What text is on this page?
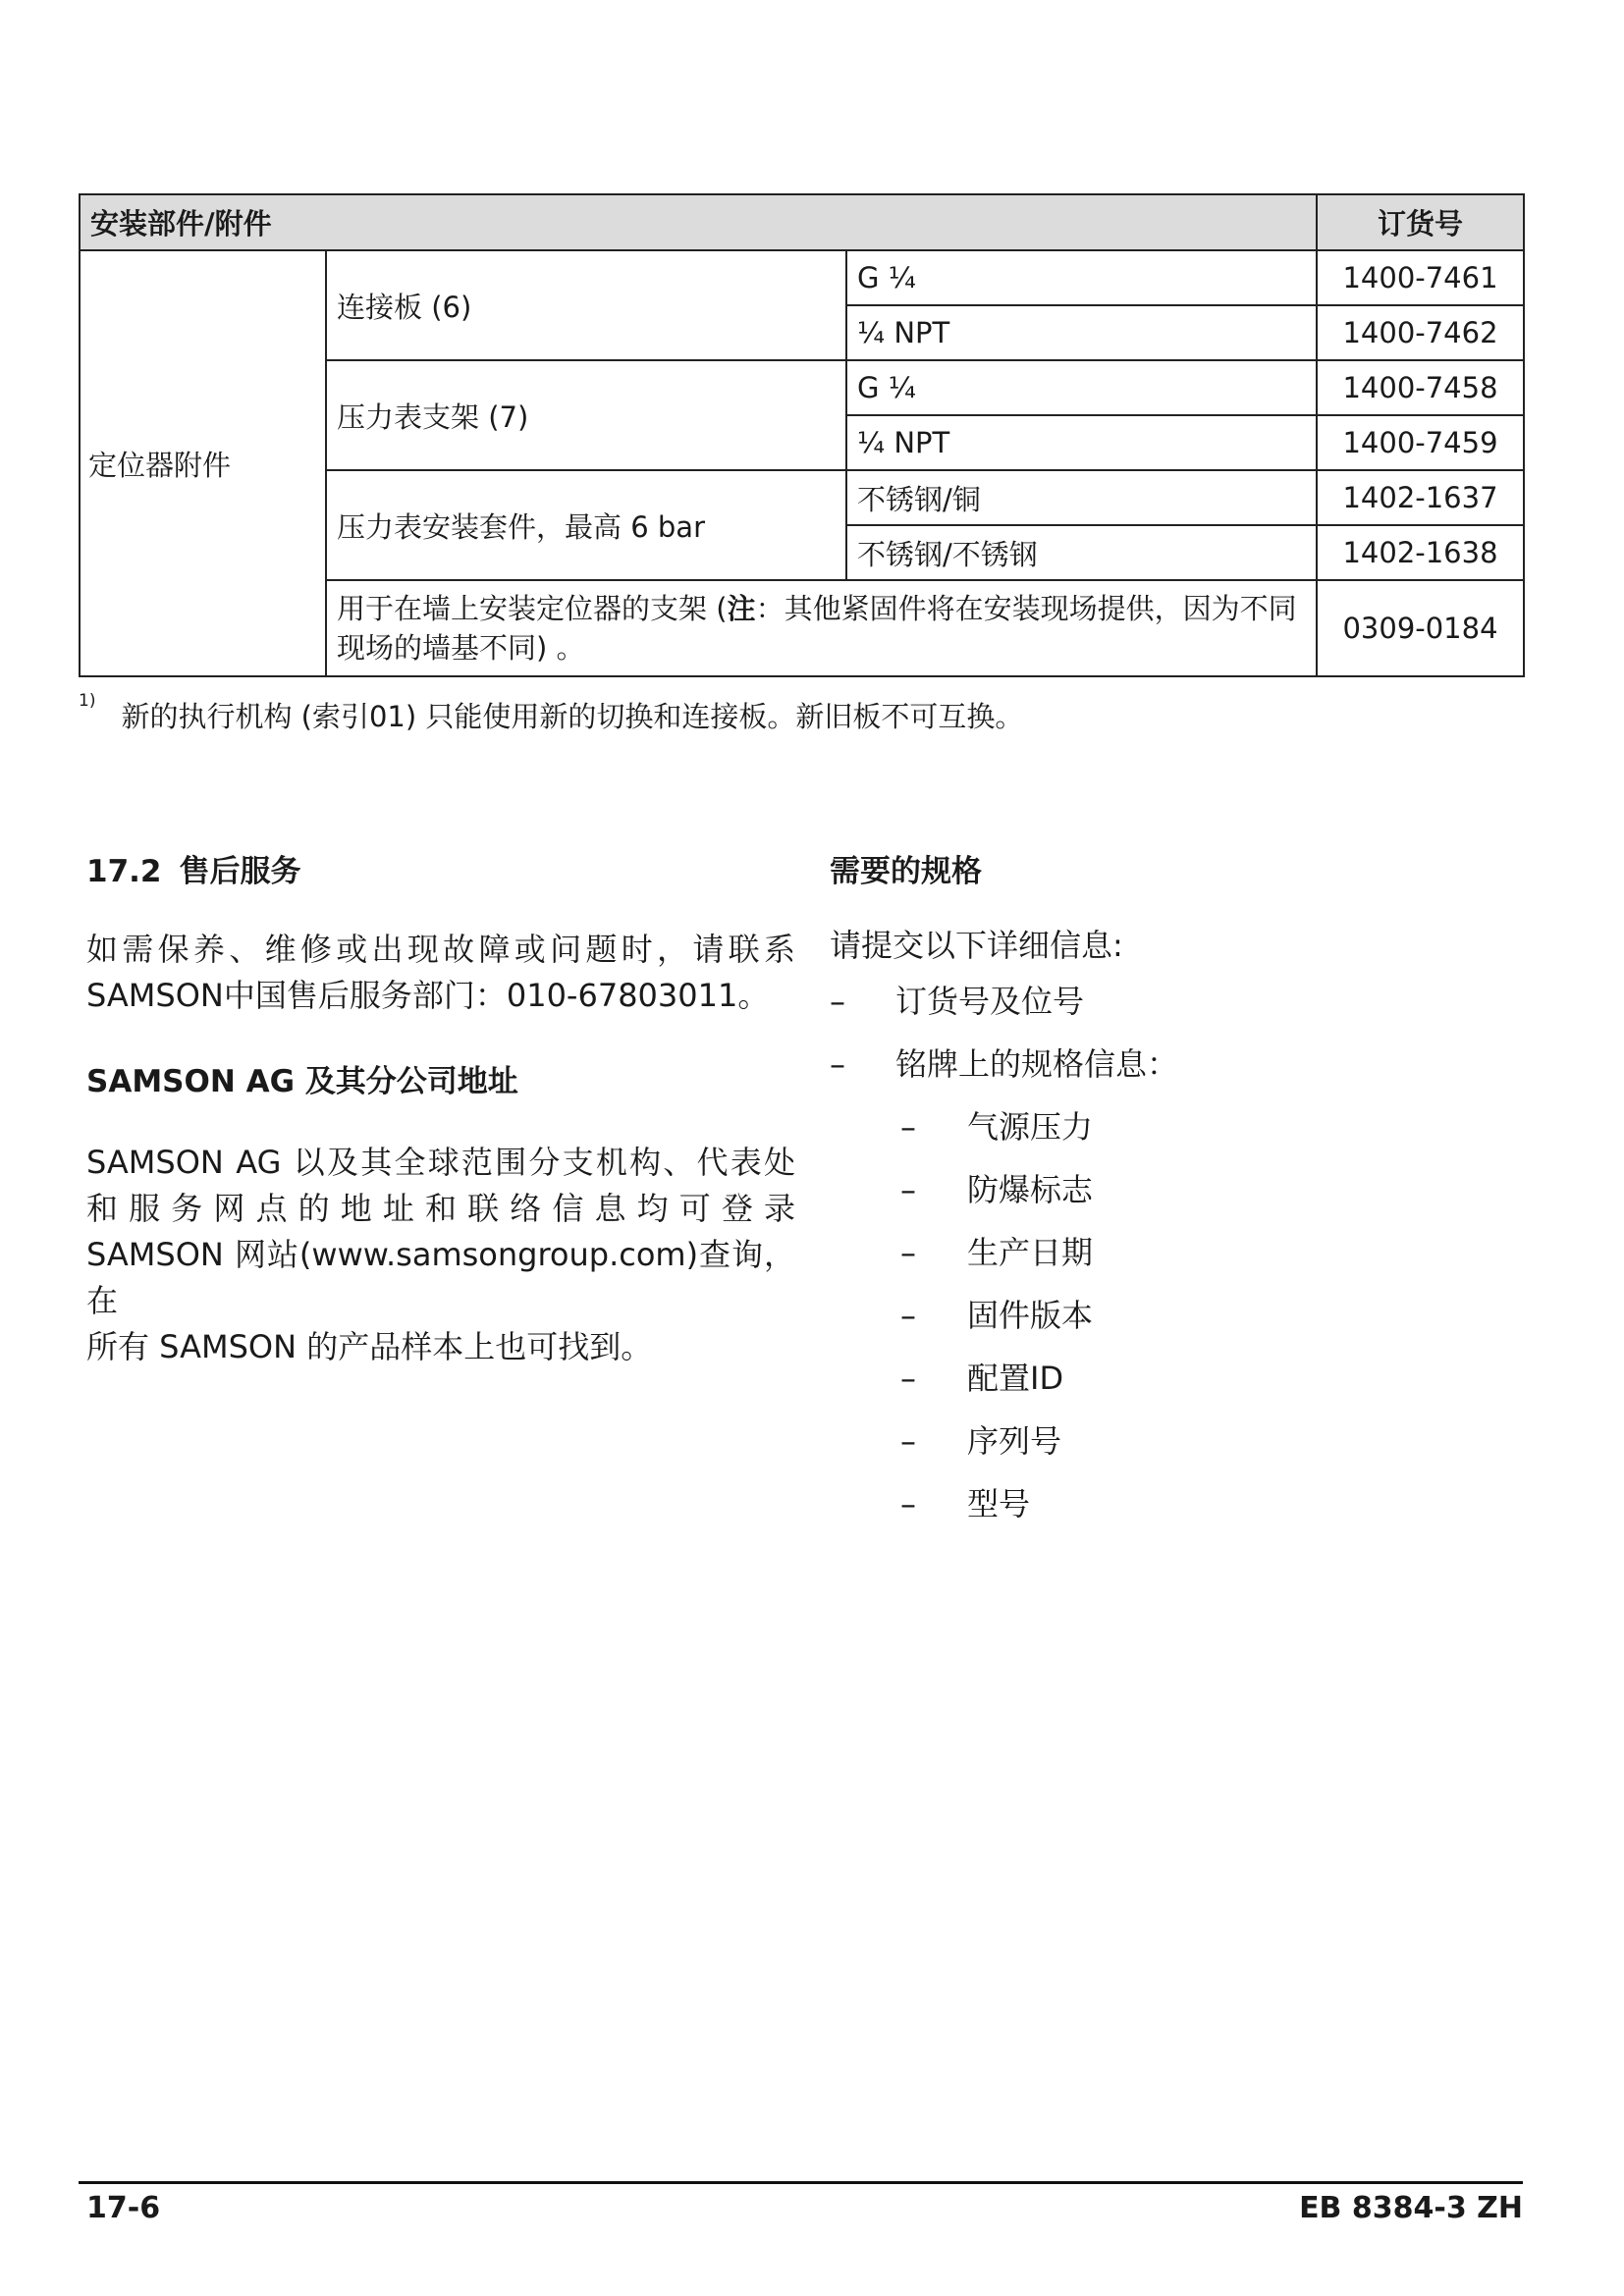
安装部件/附件			订货号
定位器附件	连接板 (6)	G ¼	1400-7461
		¼ NPT	1400-7462
	压力表支架 (7)	G ¼	1400-7458
		¼ NPT	1400-7459
	压力表安装套件，最高 6 bar	不锈钢/铜	1402-1637
		不锈钢/不锈钢	1402-1638
	用于在墙上安装定位器的支架 (注：其他紧固件将在安装现场提供，因为不同
现场的墙基不同) 。		0309-0184
$^{1)}$ 新的执行机构 (索引01) 只能使用新的切换和连接板。新旧板不可互换。
17.2 售后服务

如需保养、维修或出现故障或问题时，请联系
SAMSON中国售后服务部门：010-67803011。

SAMSON AG 及其分公司地址

SAMSON AG 以及其全球范围分支机构、代表处
和服务网点的地址和联络信息均可登录
SAMSON 网站(www.samsongroup.com)查询，在
所有 SAMSON 的产品样本上也可找到。

需要的规格

请提交以下详细信息:

– 订货号及位号
– 铭牌上的规格信息：
– 气源压力
– 防爆标志
– 生产日期
– 固件版本
– 配置ID
– 序列号
– 型号
17-6	EB 8384-3 ZH
